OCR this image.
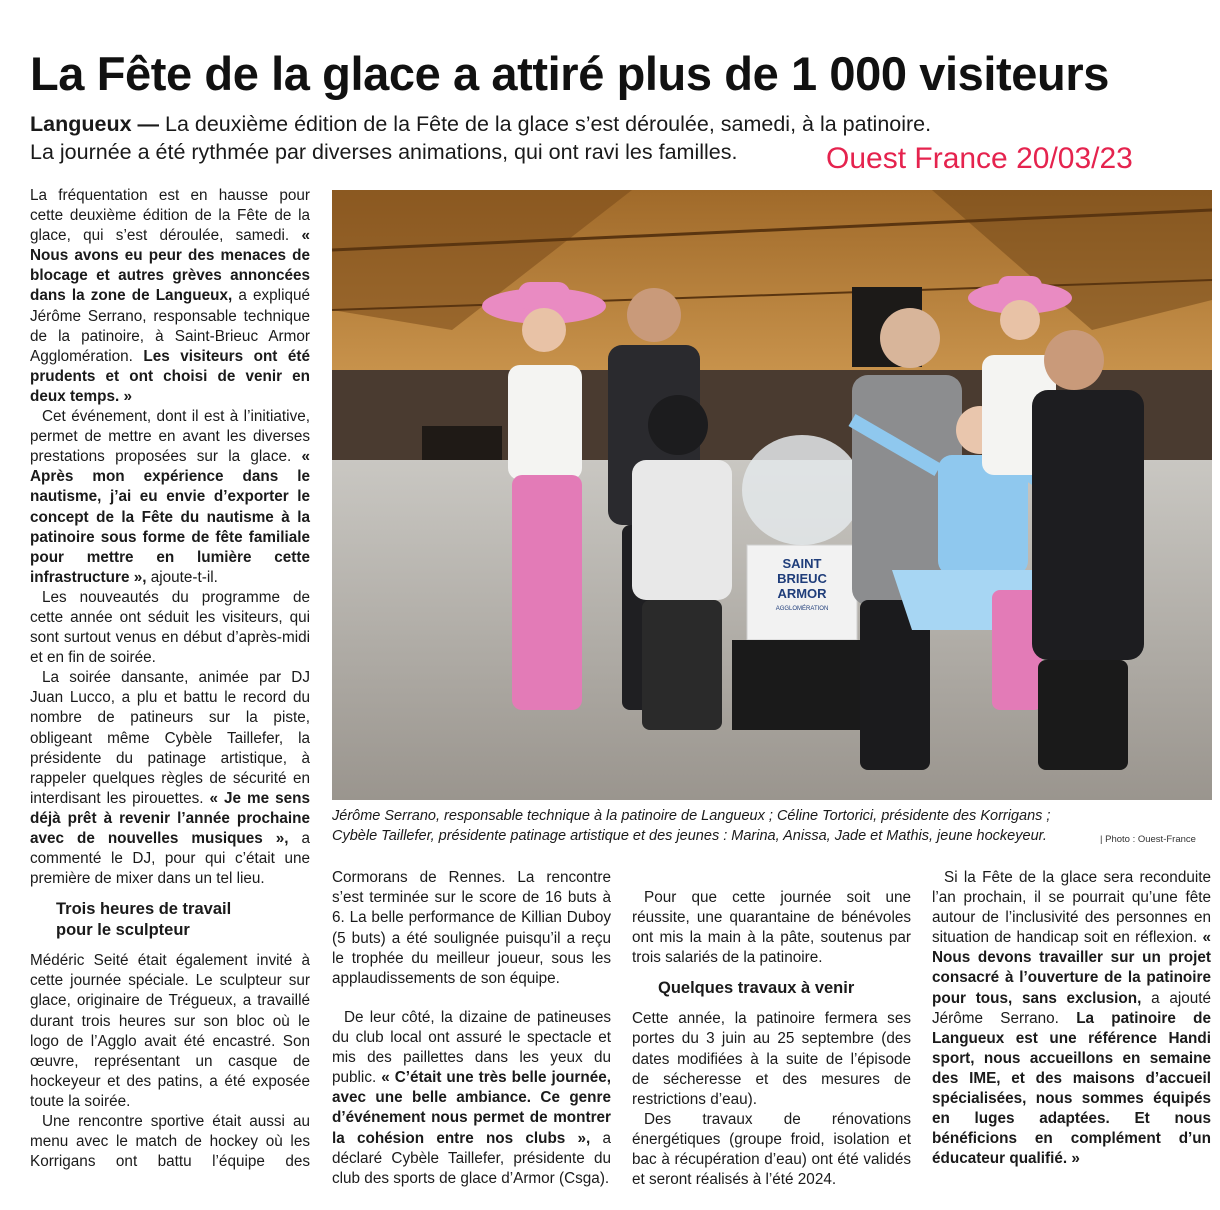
La Fête de la glace a attiré plus de 1 000 visiteurs

Langueux — La deuxième édition de la Fête de la glace s’est déroulée, samedi, à la patinoire.

La journée a été rythmée par diverses animations, qui ont ravi les familles.	Ouest France 20/03/23

La fréquentation est en hausse pour cette deuxième édition de la Fête de la glace, qui s’est déroulée, samedi. « Nous avons eu peur des menaces de blocage et autres grèves annoncées dans la zone de Langueux, a expliqué Jérôme Serrano, responsable technique de la patinoire, à Saint-Brieuc Armor Agglomération. Les visiteurs ont été prudents et ont choisi de venir en deux temps. »

Cet événement, dont il est à l’initiative, permet de mettre en avant les diverses prestations proposées sur la glace. « Après mon expérience dans le nautisme, j’ai eu envie d’exporter le concept de la Fête du nautisme à la patinoire sous forme de fête familiale pour mettre en lumière cette infrastructure », ajoute-t-il.

Les nouveautés du programme de cette année ont séduit les visiteurs, qui sont surtout venus en début d’après-midi et en fin de soirée.

La soirée dansante, animée par DJ Juan Lucco, a plu et battu le record du nombre de patineurs sur la piste, obligeant même Cybèle Taillefer, la présidente du patinage artistique, à rappeler quelques règles de sécurité en interdisant les pirouettes. « Je me sens déjà prêt à revenir l’année prochaine avec de nouvelles musiques », a commenté le DJ, pour qui c’était une première de mixer dans un tel lieu.

Trois heures de travail
pour le sculpteur

Médéric Seité était également invité à cette journée spéciale. Le sculpteur sur glace, originaire de Trégueux, a travaillé durant trois heures sur son bloc où le logo de l’Agglo avait été encastré. Son œuvre, représentant un casque de hockeyeur et des patins, a été exposée toute la soirée.

Une rencontre sportive était aussi au menu avec le match de hockey où les Korrigans ont battu l’équipe des

SAINT
BRIEUC
ARMOR
AGGLOMÉRATION
Jérôme Serrano, responsable technique à la patinoire de Langueux ; Céline Tortorici, présidente des Korrigans ; Cybèle Taillefer, présidente patinage artistique et des jeunes : Marina, Anissa, Jade et Mathis, jeune hockeyeur.	| Photo : Ouest-France

Cormorans de Rennes. La rencontre s’est terminée sur le score de 16 buts à 6. La belle performance de Killian Duboy (5 buts) a été soulignée puisqu’il a reçu le trophée du meilleur joueur, sous les applaudissements de son équipe.

De leur côté, la dizaine de patineuses du club local ont assuré le spectacle et mis des paillettes dans les yeux du public. « C’était une très belle journée, avec une belle ambiance. Ce genre d’événement nous permet de montrer la cohésion entre nos clubs », a déclaré Cybèle Taillefer, présidente du club des sports de glace d’Armor (Csga).

Pour que cette journée soit une réussite, une quarantaine de bénévoles ont mis la main à la pâte, soutenus par trois salariés de la patinoire.

Quelques travaux à venir

Cette année, la patinoire fermera ses portes du 3 juin au 25 septembre (des dates modifiées à la suite de l’épisode de sécheresse et des mesures de restrictions d’eau).

Des travaux de rénovations énergétiques (groupe froid, isolation et bac à récupération d’eau) ont été validés et seront réalisés à l’été 2024.

Si la Fête de la glace sera reconduite l’an prochain, il se pourrait qu’une fête autour de l’inclusivité des personnes en situation de handicap soit en réflexion. « Nous devons travailler sur un projet consacré à l’ouverture de la patinoire pour tous, sans exclusion, a ajouté Jérôme Serrano. La patinoire de Langueux est une référence Handi sport, nous accueillons en semaine des IME, et des maisons d’accueil spécialisées, nous sommes équipés en luges adaptées. Et nous bénéficions en complément d’un éducateur qualifié. »
